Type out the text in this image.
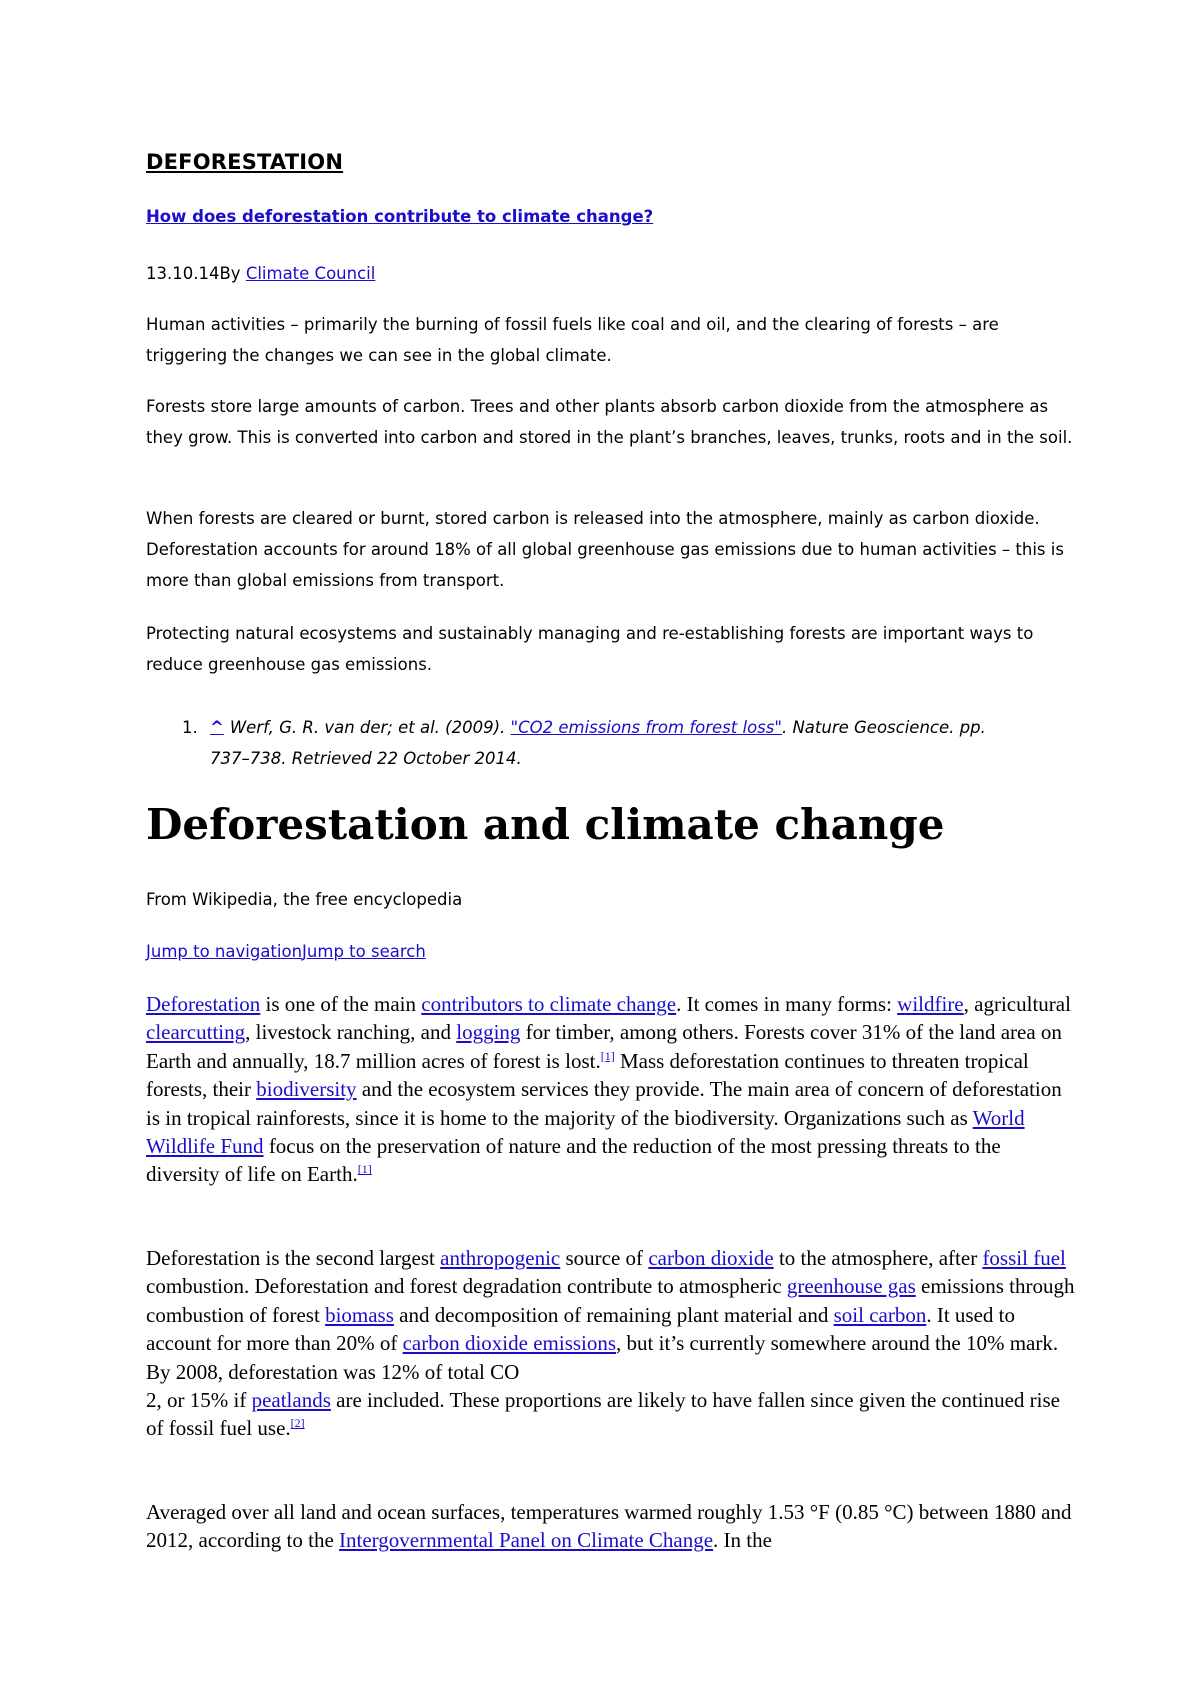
DEFORESTATION
How does deforestation contribute to climate change?
13.10.14By Climate Council

Human activities – primarily the burning of fossil fuels like coal and oil, and the clearing of forests – are triggering the changes we can see in the global climate.

Forests store large amounts of carbon. Trees and other plants absorb carbon dioxide from the atmosphere as they grow. This is converted into carbon and stored in the plant’s branches, leaves, trunks, roots and in the soil.

When forests are cleared or burnt, stored carbon is released into the atmosphere, mainly as carbon dioxide. Deforestation accounts for around 18% of all global greenhouse gas emissions due to human activities – this is more than global emissions from transport.

Protecting natural ecosystems and sustainably managing and re-establishing forests are important ways to reduce greenhouse gas emissions.

1. ^ Werf, G. R. van der; et al. (2009). "CO2 emissions from forest loss". Nature Geoscience. pp. 737–738. Retrieved 22 October 2014.
Deforestation and climate change
From Wikipedia, the free encyclopedia
Jump to navigationJump to search

Deforestation is one of the main contributors to climate change. It comes in many forms: wildfire, agricultural clearcutting, livestock ranching, and logging for timber, among others. Forests cover 31% of the land area on Earth and annually, 18.7 million acres of forest is lost.[1] Mass deforestation continues to threaten tropical forests, their biodiversity and the ecosystem services they provide. The main area of concern of deforestation is in tropical rainforests, since it is home to the majority of the biodiversity. Organizations such as World Wildlife Fund focus on the preservation of nature and the reduction of the most pressing threats to the diversity of life on Earth.[1]

Deforestation is the second largest anthropogenic source of carbon dioxide to the atmosphere, after fossil fuel combustion. Deforestation and forest degradation contribute to atmospheric greenhouse gas emissions through combustion of forest biomass and decomposition of remaining plant material and soil carbon. It used to account for more than 20% of carbon dioxide emissions, but it’s currently somewhere around the 10% mark. By 2008, deforestation was 12% of total CO
2, or 15% if peatlands are included. These proportions are likely to have fallen since given the continued rise of fossil fuel use.[2]

Averaged over all land and ocean surfaces, temperatures warmed roughly 1.53 °F (0.85 °C) between 1880 and 2012, according to the Intergovernmental Panel on Climate Change. In the
